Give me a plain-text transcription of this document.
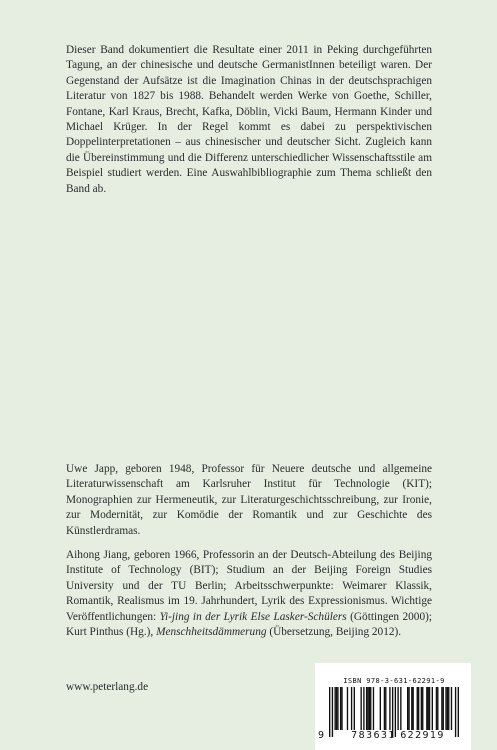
Dieser Band dokumentiert die Resultate einer 2011 in Peking durchgeführten Tagung, an der chinesische und deutsche GermanistInnen beteiligt waren. Der Gegenstand der Aufsätze ist die Imagination Chinas in der deutschsprachigen Literatur von 1827 bis 1988. Behandelt werden Werke von Goethe, Schiller, Fontane, Karl Kraus, Brecht, Kafka, Döblin, Vicki Baum, Hermann Kinder und Michael Krüger. In der Regel kommt es dabei zu perspektivischen Doppelinterpretationen – aus chinesischer und deutscher Sicht. Zugleich kann die Übereinstimmung und die Differenz unterschiedlicher Wissenschaftsstile am Beispiel studiert werden. Eine Auswahlbibliographie zum Thema schließt den Band ab.

Uwe Japp, geboren 1948, Professor für Neuere deutsche und allgemeine Literaturwissenschaft am Karlsruher Institut für Technologie (KIT); Monographien zur Hermeneutik, zur Literaturgeschichtsschreibung, zur Ironie, zur Modernität, zur Komödie der Romantik und zur Geschichte des Künstlerdramas.

Aihong Jiang, geboren 1966, Professorin an der Deutsch-Abteilung des Beijing Institute of Technology (BIT); Studium an der Beijing Foreign Studies University und der TU Berlin; Arbeitsschwerpunkte: Weimarer Klassik, Romantik, Realismus im 19. Jahrhundert, Lyrik des Expressionismus. Wichtige Veröffentlichungen: Yi-jing in der Lyrik Else Lasker-Schülers (Göttingen 2000); Kurt Pinthus (Hg.), Menschheitsdämmerung (Übersetzung, Beijing 2012).

www.peterlang.de	ISBN 978-3-631-62291-9
9	783631 622919
